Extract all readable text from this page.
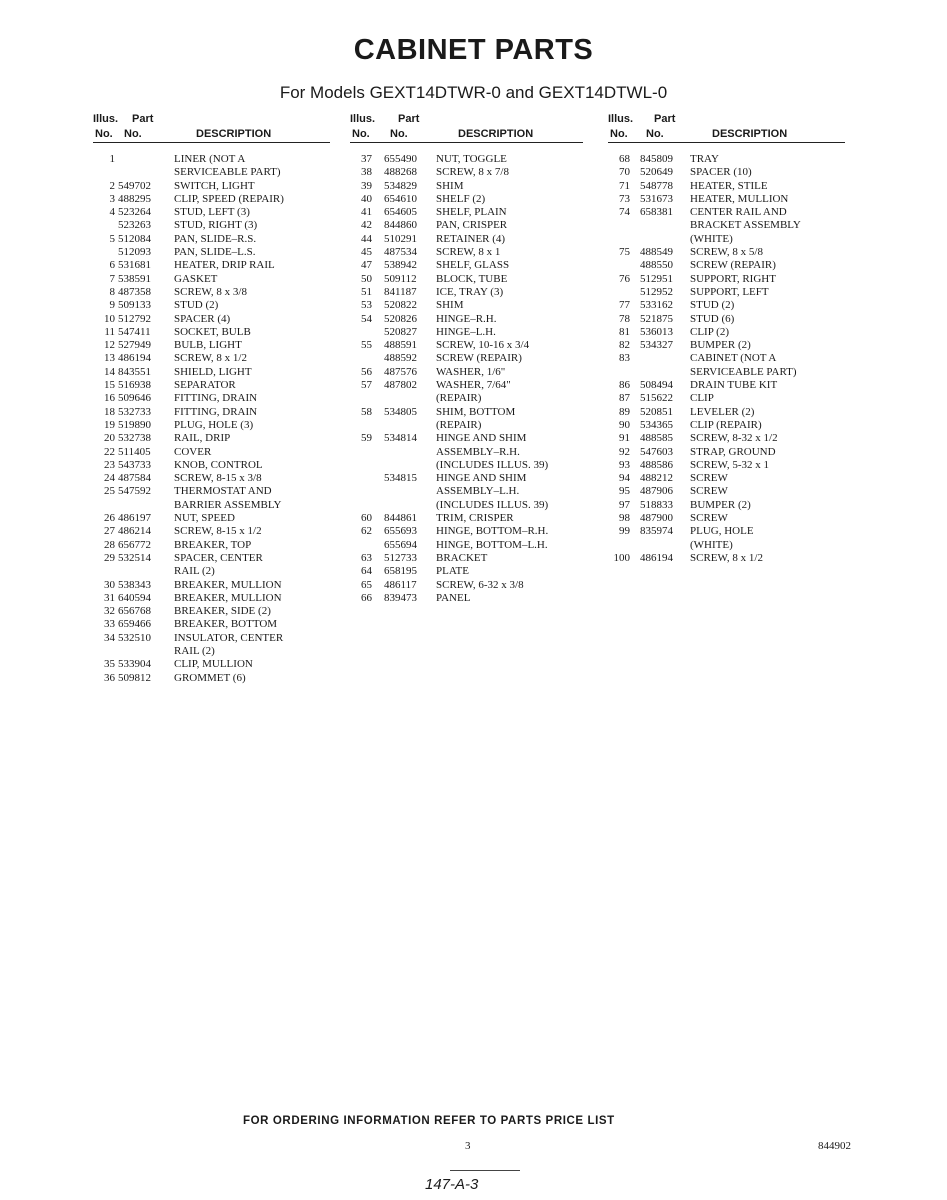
CABINET PARTS
For Models GEXT14DTWR-0 and GEXT14DTWL-0
Illus. Part
No. No.	DESCRIPTION
1	LINER (NOT A
SERVICEABLE PART)
2 549702 SWITCH, LIGHT
3 488295 CLIP, SPEED (REPAIR)
4 523264 STUD, LEFT (3)
523263 STUD, RIGHT (3)
5 512084 PAN, SLIDE–R.S.
512093 PAN, SLIDE–L.S.
6 531681 HEATER, DRIP RAIL
7 538591 GASKET
8 487358 SCREW, 8 x 3/8
9 509133 STUD (2)
10 512792 SPACER (4)
11 547411 SOCKET, BULB
12 527949 BULB, LIGHT
13 486194 SCREW, 8 x 1/2
14 843551 SHIELD, LIGHT
15 516938 SEPARATOR
16 509646 FITTING, DRAIN
18 532733 FITTING, DRAIN
19 519890 PLUG, HOLE (3)
20 532738 RAIL, DRIP
22 511405 COVER
23 543733 KNOB, CONTROL
24 487584 SCREW, 8-15 x 3/8
25 547592 THERMOSTAT AND
BARRIER ASSEMBLY
26 486197 NUT, SPEED
27 486214 SCREW, 8-15 x 1/2
28 656772 BREAKER, TOP
29 532514 SPACER, CENTER
RAIL (2)
30 538343 BREAKER, MULLION
31 640594 BREAKER, MULLION
32 656768 BREAKER, SIDE (2)
33 659466 BREAKER, BOTTOM
34 532510 INSULATOR, CENTER
RAIL (2)
35 533904 CLIP, MULLION
36 509812 GROMMET (6)
Illus. Part
No. No.	DESCRIPTION
37 655490 NUT, TOGGLE
38 488268 SCREW, 8 x 7/8
39 534829 SHIM
40 654610 SHELF (2)
41 654605 SHELF, PLAIN
42 844860 PAN, CRISPER
44 510291 RETAINER (4)
45 487534 SCREW, 8 x 1
47 538942 SHELF, GLASS
50 509112 BLOCK, TUBE
51 841187 ICE, TRAY (3)
53 520822 SHIM
54 520826 HINGE–R.H.
520827 HINGE–L.H.
55 488591 SCREW, 10-16 x 3/4
488592 SCREW (REPAIR)
56 487576 WASHER, 1/6"
57 487802 WASHER, 7/64"
(REPAIR)
58 534805 SHIM, BOTTOM
(REPAIR)
59 534814 HINGE AND SHIM
ASSEMBLY–R.H.
(INCLUDES ILLUS. 39)
534815 HINGE AND SHIM
ASSEMBLY–L.H.
(INCLUDES ILLUS. 39)
60 844861 TRIM, CRISPER
62 655693 HINGE, BOTTOM–R.H.
655694 HINGE, BOTTOM–L.H.
63 512733 BRACKET
64 658195 PLATE
65 486117 SCREW, 6-32 x 3/8
66 839473 PANEL
Illus. Part
No. No.	DESCRIPTION
68 845809 TRAY
70 520649 SPACER (10)
71 548778 HEATER, STILE
73 531673 HEATER, MULLION
74 658381 CENTER RAIL AND
BRACKET ASSEMBLY
(WHITE)
75 488549 SCREW, 8 x 5/8
488550 SCREW (REPAIR)
76 512951 SUPPORT, RIGHT
512952 SUPPORT, LEFT
77 533162 STUD (2)
78 521875 STUD (6)
81 536013 CLIP (2)
82 534327 BUMPER (2)
83	CABINET (NOT A
SERVICEABLE PART)
86 508494 DRAIN TUBE KIT
87 515622 CLIP
89 520851 LEVELER (2)
90 534365 CLIP (REPAIR)
91 488585 SCREW, 8-32 x 1/2
92 547603 STRAP, GROUND
93 488586 SCREW, 5-32 x 1
94 488212 SCREW
95 487906 SCREW
97 518833 BUMPER (2)
98 487900 SCREW
99 835974 PLUG, HOLE
(WHITE)
100 486194 SCREW, 8 x 1/2
FOR ORDERING INFORMATION REFER TO PARTS PRICE LIST
3	844902
147-A-3
